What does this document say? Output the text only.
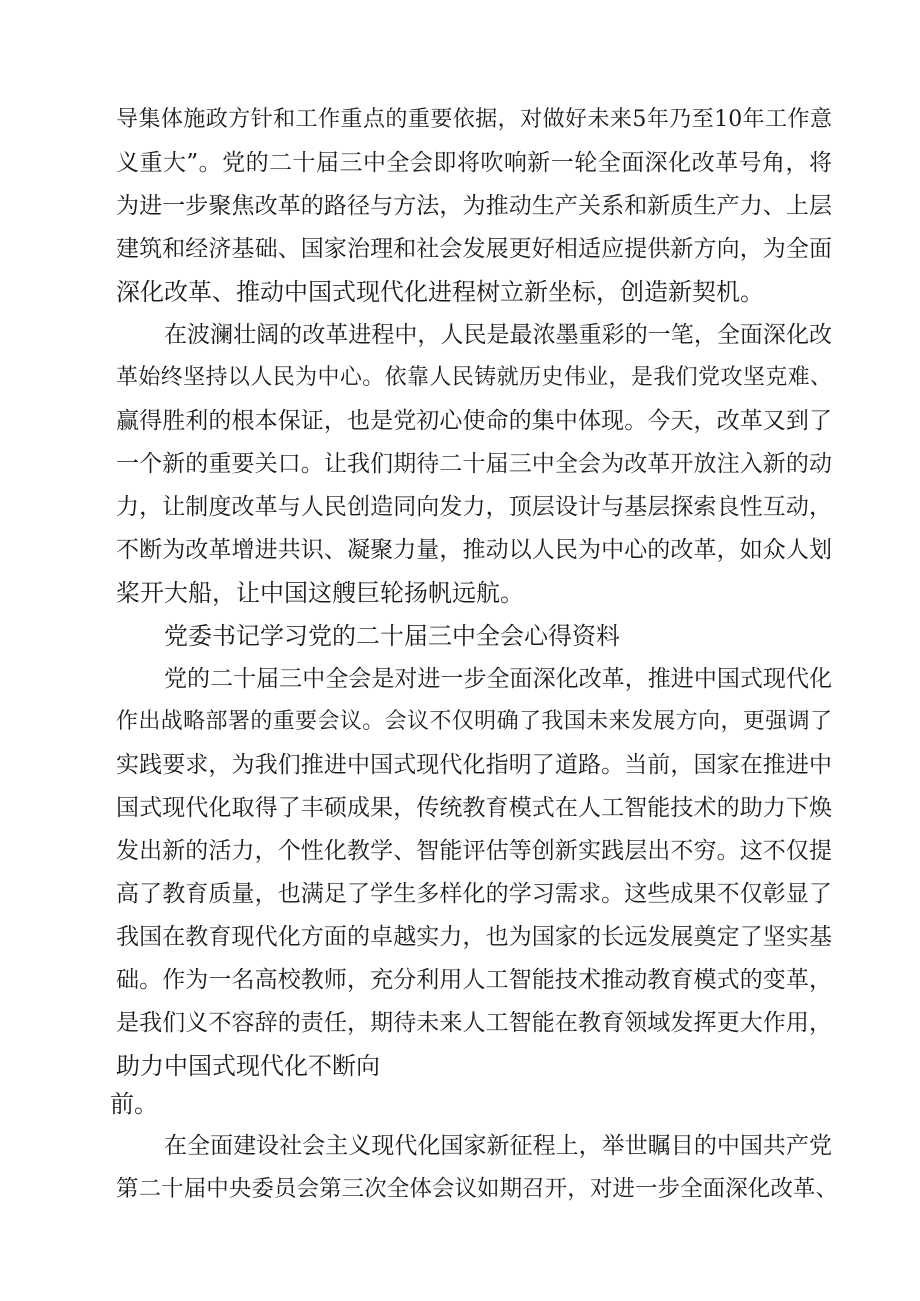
导集体施政方针和工作重点的重要依据，对做好未来5年乃至10年工作意
义重大”。党的二十届三中全会即将吹响新一轮全面深化改革号角，将
为进一步聚焦改革的路径与方法，为推动生产关系和新质生产力、上层
建筑和经济基础、国家治理和社会发展更好相适应提供新方向，为全面
深化改革、推动中国式现代化进程树立新坐标，创造新契机。
在波澜壮阔的改革进程中，人民是最浓墨重彩的一笔，全面深化改
革始终坚持以人民为中心。依靠人民铸就历史伟业，是我们党攻坚克难、
赢得胜利的根本保证，也是党初心使命的集中体现。今天，改革又到了
一个新的重要关口。让我们期待二十届三中全会为改革开放注入新的动
力，让制度改革与人民创造同向发力，顶层设计与基层探索良性互动，
不断为改革增进共识、凝聚力量，推动以人民为中心的改革，如众人划
桨开大船，让中国这艘巨轮扬帆远航。
党委书记学习党的二十届三中全会心得资料
党的二十届三中全会是对进一步全面深化改革，推进中国式现代化
作出战略部署的重要会议。会议不仅明确了我国未来发展方向，更强调了
实践要求，为我们推进中国式现代化指明了道路。当前，国家在推进中
国式现代化取得了丰硕成果，传统教育模式在人工智能技术的助力下焕
发出新的活力，个性化教学、智能评估等创新实践层出不穷。这不仅提
高了教育质量，也满足了学生多样化的学习需求。这些成果不仅彰显了
我国在教育现代化方面的卓越实力，也为国家的长远发展奠定了坚实基
础。作为一名高校教师，充分利用人工智能技术推动教育模式的变革，
是我们义不容辞的责任，期待未来人工智能在教育领域发挥更大作用，
助力中国式现代化不断向
前。
在全面建设社会主义现代化国家新征程上，举世瞩目的中国共产党
第二十届中央委员会第三次全体会议如期召开，对进一步全面深化改革、
